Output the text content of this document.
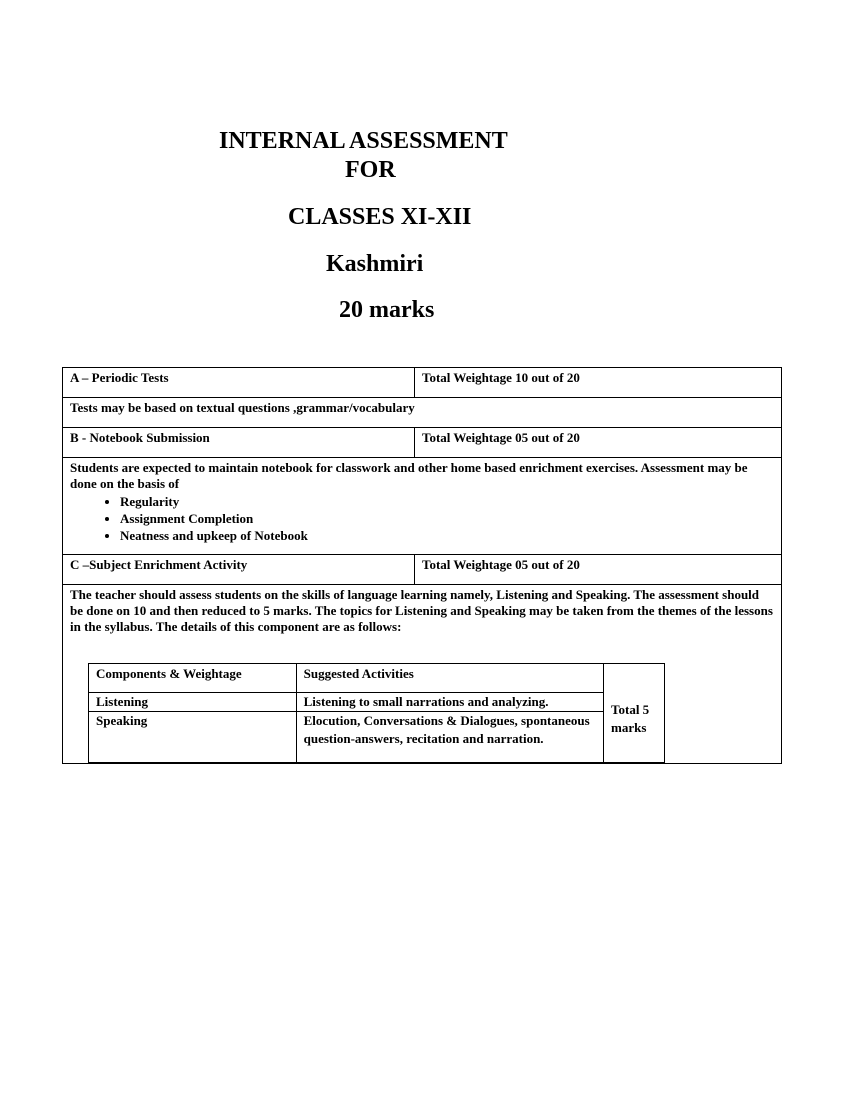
INTERNAL ASSESSMENT
FOR
CLASSES XI-XII
Kashmiri
20 marks
A – Periodic Tests	Total Weightage 10 out of 20
Tests may be based on textual questions ,grammar/vocabulary
B - Notebook Submission	Total Weightage 05 out of 20

Students are expected to maintain notebook for classwork and other home based enrichment exercises. Assessment may be done on the basis of
• Regularity
• Assignment Completion
• Neatness and upkeep of Notebook

C –Subject Enrichment Activity	Total Weightage 05 out of 20

The teacher should assess students on the skills of language learning namely, Listening and Speaking. The assessment should be done on 10 and then reduced to 5 marks. The topics for Listening and Speaking may be taken from the themes of the lessons in the syllabus. The details of this component are as follows:
Components & Weightage	Suggested Activities	Total 5 marks
Listening	Listening to small narrations and analyzing.
Speaking	Elocution, Conversations & Dialogues, spontaneous question-answers, recitation and narration.
